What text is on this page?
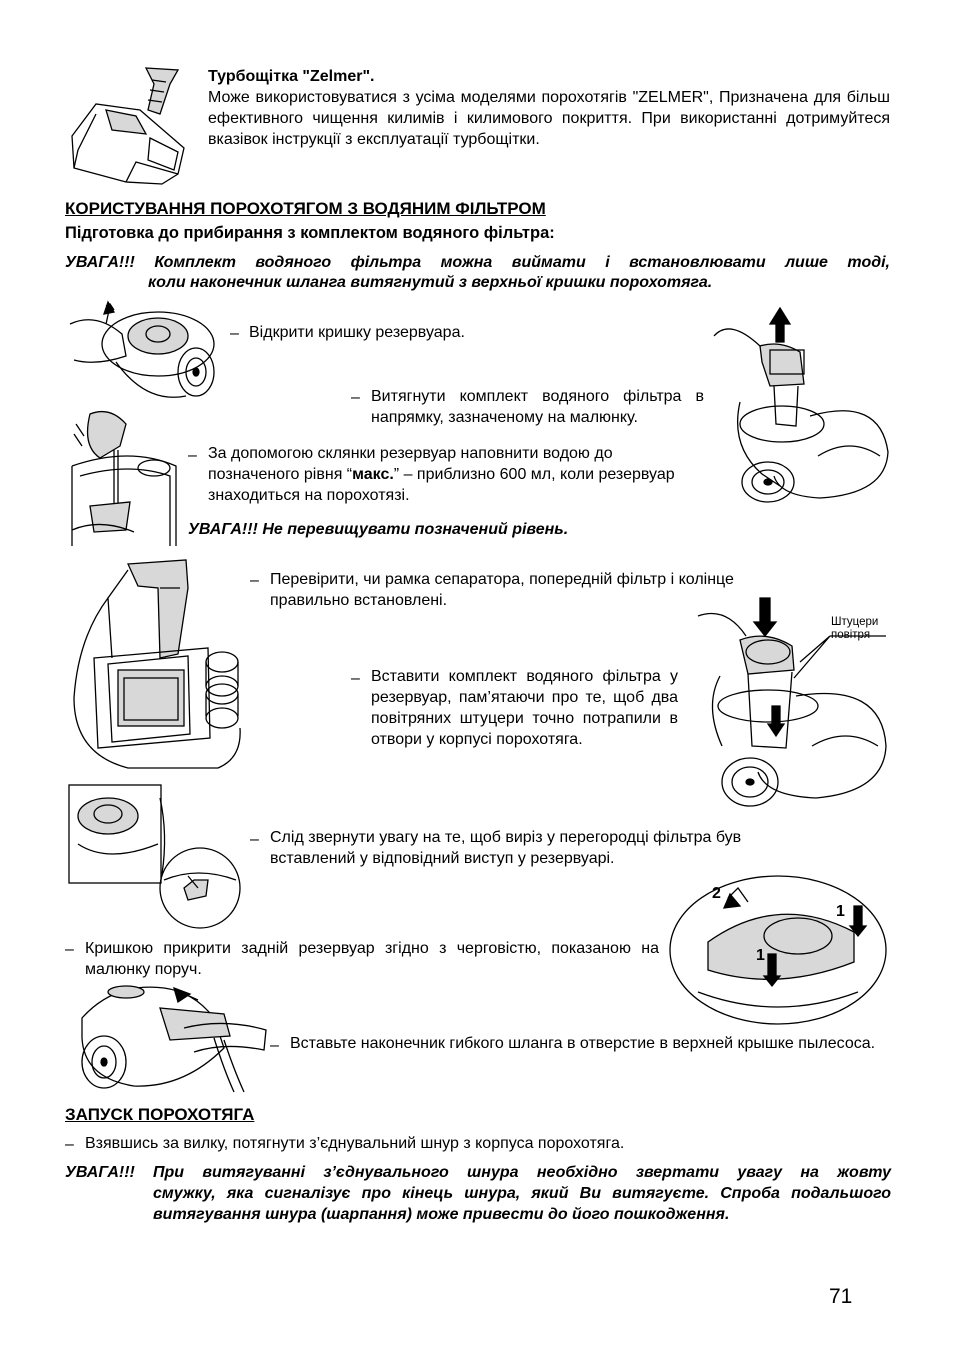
Турбощітка "Zelmer".
Може використовуватися з усіма моделями порохотягів "ZELMER", Призначена для більш ефективного чищення килимів і килимового покриття. При використанні дотримуйтеся вказівок інструкції з експлуатації турбощітки.
КОРИСТУВАННЯ ПОРОХОТЯГОМ З ВОДЯНИМ ФІЛЬТРОМ
Підготовка до прибирання з комплектом водяного фільтра:
УВАГА!!! Комплект водяного фільтра можна виймати і встановлювати лише тоді,
коли наконечник шланга витягнутий з верхньої кришки порохотяга.
– Відкрити кришку резервуара.
– Витягнути комплект водяного фільтра в напрямку, зазначеному на малюнку.
– За допомогою склянки резервуар наповнити водою до позначеного рівня “макс.” – приблизно 600 мл, коли резервуар знаходиться на порохотязі.
УВАГА!!! Не перевищувати позначений рівень.
– Перевірити, чи рамка сепаратора, попередній фільтр і колінце правильно встановлені.
Штуцери
повітря
– Вставити комплект водяного фільтра у резервуар, пам’ятаючи про те, щоб два повітряних штуцери точно потрапили в отвори у корпусі порохотяга.
– Слід звернути увагу на те, щоб виріз у перегородці фільтра був вставлений у відповідний виступ у резервуарі.
2
1
1
– Кришкою прикрити задній резервуар згідно з черговістю, показаною на малюнку поруч.
– Вставьте наконечник гибкого шланга в отверстие в верхней крышке пылесоса.
ЗАПУСК ПОРОХОТЯГА
– Взявшись за вилку, потягнути з’єднувальний шнур з корпуса порохотяга.
УВАГА!!! При витягуванні з’єднувального шнура необхідно звертати увагу на жовту
смужку, яка сигналізує про кінець шнура, який Ви витягуєте. Спроба подальшого витягування шнура (шарпання) може привести до його пошкодження.
71
